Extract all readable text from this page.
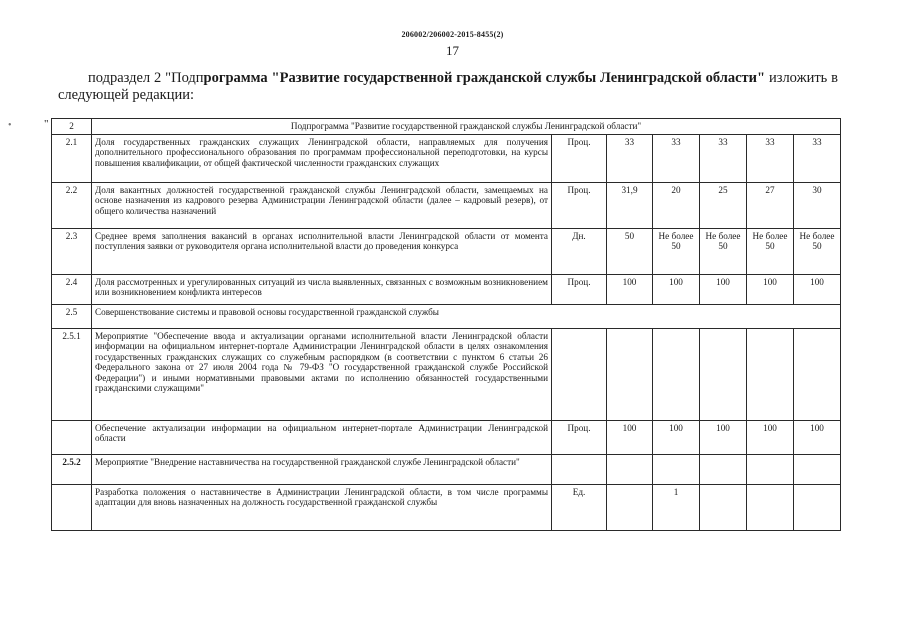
206002/206002-2015-8455(2)
17
подраздел 2 "Подпрограмма "Развитие государственной гражданской службы Ленинградской области" изложить в следующей редакции:
•	" 2	Подпрограмма "Развитие государственной гражданской службы Ленинградской области"						
2.1	Доля государственных гражданских служащих Ленинградской области, направляемых для получения дополнительного профессионального образования по программам профессиональной переподготовки, на курсы повышения квалификации, от общей фактической численности гражданских служащих	Проц.	33	33	33	33	33
2.2	Доля вакантных должностей государственной гражданской службы Ленинградской области, замещаемых на основе назначения из кадрового резерва Администрации Ленинградской области (далее – кадровый резерв), от общего количества назначений	Проц.	31,9	20	25	27	30
2.3	Среднее время заполнения вакансий в органах исполнительной власти Ленинградской области от момента поступления заявки от руководителя органа исполнительной власти до проведения конкурса	Дн.	50	Не более 50	Не более 50	Не более 50	Не более 50
2.4	Доля рассмотренных и урегулированных ситуаций из числа выявленных, связанных с возможным возникновением или возникновением конфликта интересов	Проц.	100	100	100	100	100
2.5	Совершенствование системы и правовой основы государственной гражданской службы						
2.5.1	Мероприятие "Обеспечение ввода и актуализации органами исполнительной власти Ленинградской области информации на официальном интернет-портале Администрации Ленинградской области в целях ознакомления государственных гражданских служащих со служебным распорядком (в соответствии с пунктом 6 статьи 26 Федерального закона от 27 июля 2004 года № 79-ФЗ "О государственной гражданской службе Российской Федерации") и иными нормативными правовыми актами по исполнению обязанностей государственными гражданскими служащими"						
	Обеспечение актуализации информации на официальном интернет-портале Администрации Ленинградской области	Проц.	100	100	100	100	100
2.5.2	Мероприятие "Внедрение наставничества на государственной гражданской службе Ленинградской области"						
	Разработка положения о наставничестве в Администрации Ленинградской области, в том числе программы адаптации для вновь назначенных на должность государственной гражданской службы	Ед.		1			
